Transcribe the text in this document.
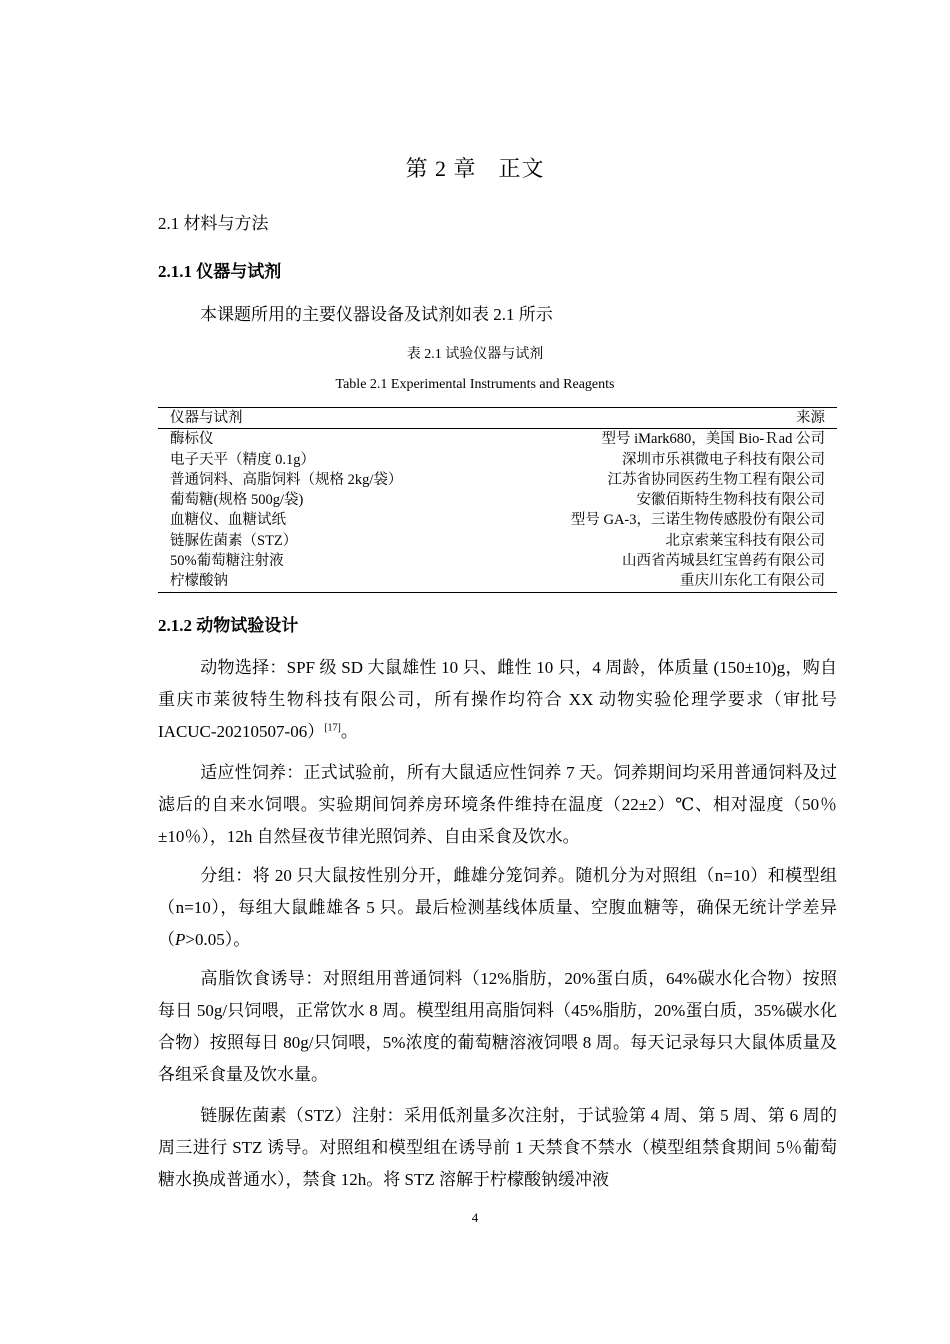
第 2 章 正文
2.1 材料与方法
2.1.1 仪器与试剂
本课题所用的主要仪器设备及试剂如表 2.1 所示
表 2.1 试验仪器与试剂
Table 2.1 Experimental Instruments and Reagents
仪器与试剂	来源
酶标仪	型号 iMark680，美国 Bio-Ｒad 公司
电子天平（精度 0.1g）	深圳市乐祺微电子科技有限公司
普通饲料、高脂饲料（规格 2kg/袋）	江苏省协同医药生物工程有限公司
葡萄糖(规格 500g/袋)	安徽佰斯特生物科技有限公司
血糖仪、血糖试纸	型号 GA-3，三诺生物传感股份有限公司
链脲佐菌素（STZ）	北京索莱宝科技有限公司
50%葡萄糖注射液	山西省芮城县红宝兽药有限公司
柠檬酸钠	重庆川东化工有限公司
2.1.2 动物试验设计
动物选择：SPF 级 SD 大鼠雄性 10 只、雌性 10 只，4 周龄，体质量 (150±10)g，购自重庆市莱彼特生物科技有限公司，所有操作均符合 XX 动物实验伦理学要求（审批号 IACUC-20210507-06）[17]。
适应性饲养：正式试验前，所有大鼠适应性饲养 7 天。饲养期间均采用普通饲料及过滤后的自来水饲喂。实验期间饲养房环境条件维持在温度（22±2）℃、相对湿度（50％±10％），12h 自然昼夜节律光照饲养、自由采食及饮水。
分组：将 20 只大鼠按性别分开，雌雄分笼饲养。随机分为对照组（n=10）和模型组（n=10），每组大鼠雌雄各 5 只。最后检测基线体质量、空腹血糖等，确保无统计学差异（P>0.05）。
高脂饮食诱导：对照组用普通饲料（12%脂肪，20%蛋白质，64%碳水化合物）按照每日 50g/只饲喂，正常饮水 8 周。模型组用高脂饲料（45%脂肪，20%蛋白质，35%碳水化合物）按照每日 80g/只饲喂，5%浓度的葡萄糖溶液饲喂 8 周。每天记录每只大鼠体质量及各组采食量及饮水量。
链脲佐菌素（STZ）注射：采用低剂量多次注射，于试验第 4 周、第 5 周、第 6 周的周三进行 STZ 诱导。对照组和模型组在诱导前 1 天禁食不禁水（模型组禁食期间 5％葡萄糖水换成普通水），禁食 12h。将 STZ 溶解于柠檬酸钠缓冲液
4
